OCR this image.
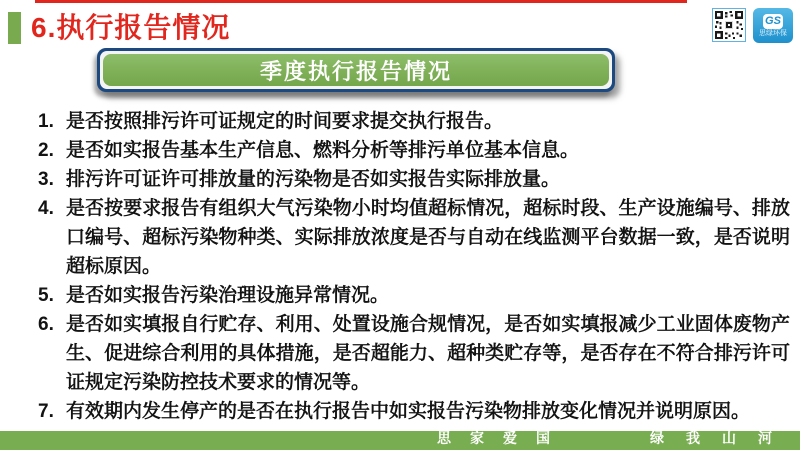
6.执行报告情况	GS
思绿环保
季度执行报告情况
1. 是否按照排污许可证规定的时间要求提交执行报告。
2. 是否如实报告基本生产信息、燃料分析等排污单位基本信息。
3. 排污许可证许可排放量的污染物是否如实报告实际排放量。
4. 是否按要求报告有组织大气污染物小时均值超标情况，超标时段、生产设施编号、排放口编号、超标污染物种类、实际排放浓度是否与自动在线监测平台数据一致，是否说明超标原因。
5. 是否如实报告污染治理设施异常情况。
6. 是否如实填报自行贮存、利用、处置设施合规情况，是否如实填报减少工业固体废物产生、促进综合利用的具体措施，是否超能力、超种类贮存等，是否存在不符合排污许可证规定污染防控技术要求的情况等。
7. 有效期内发生停产的是否在执行报告中如实报告污染物排放变化情况并说明原因。
思家爱国	绿我山河
